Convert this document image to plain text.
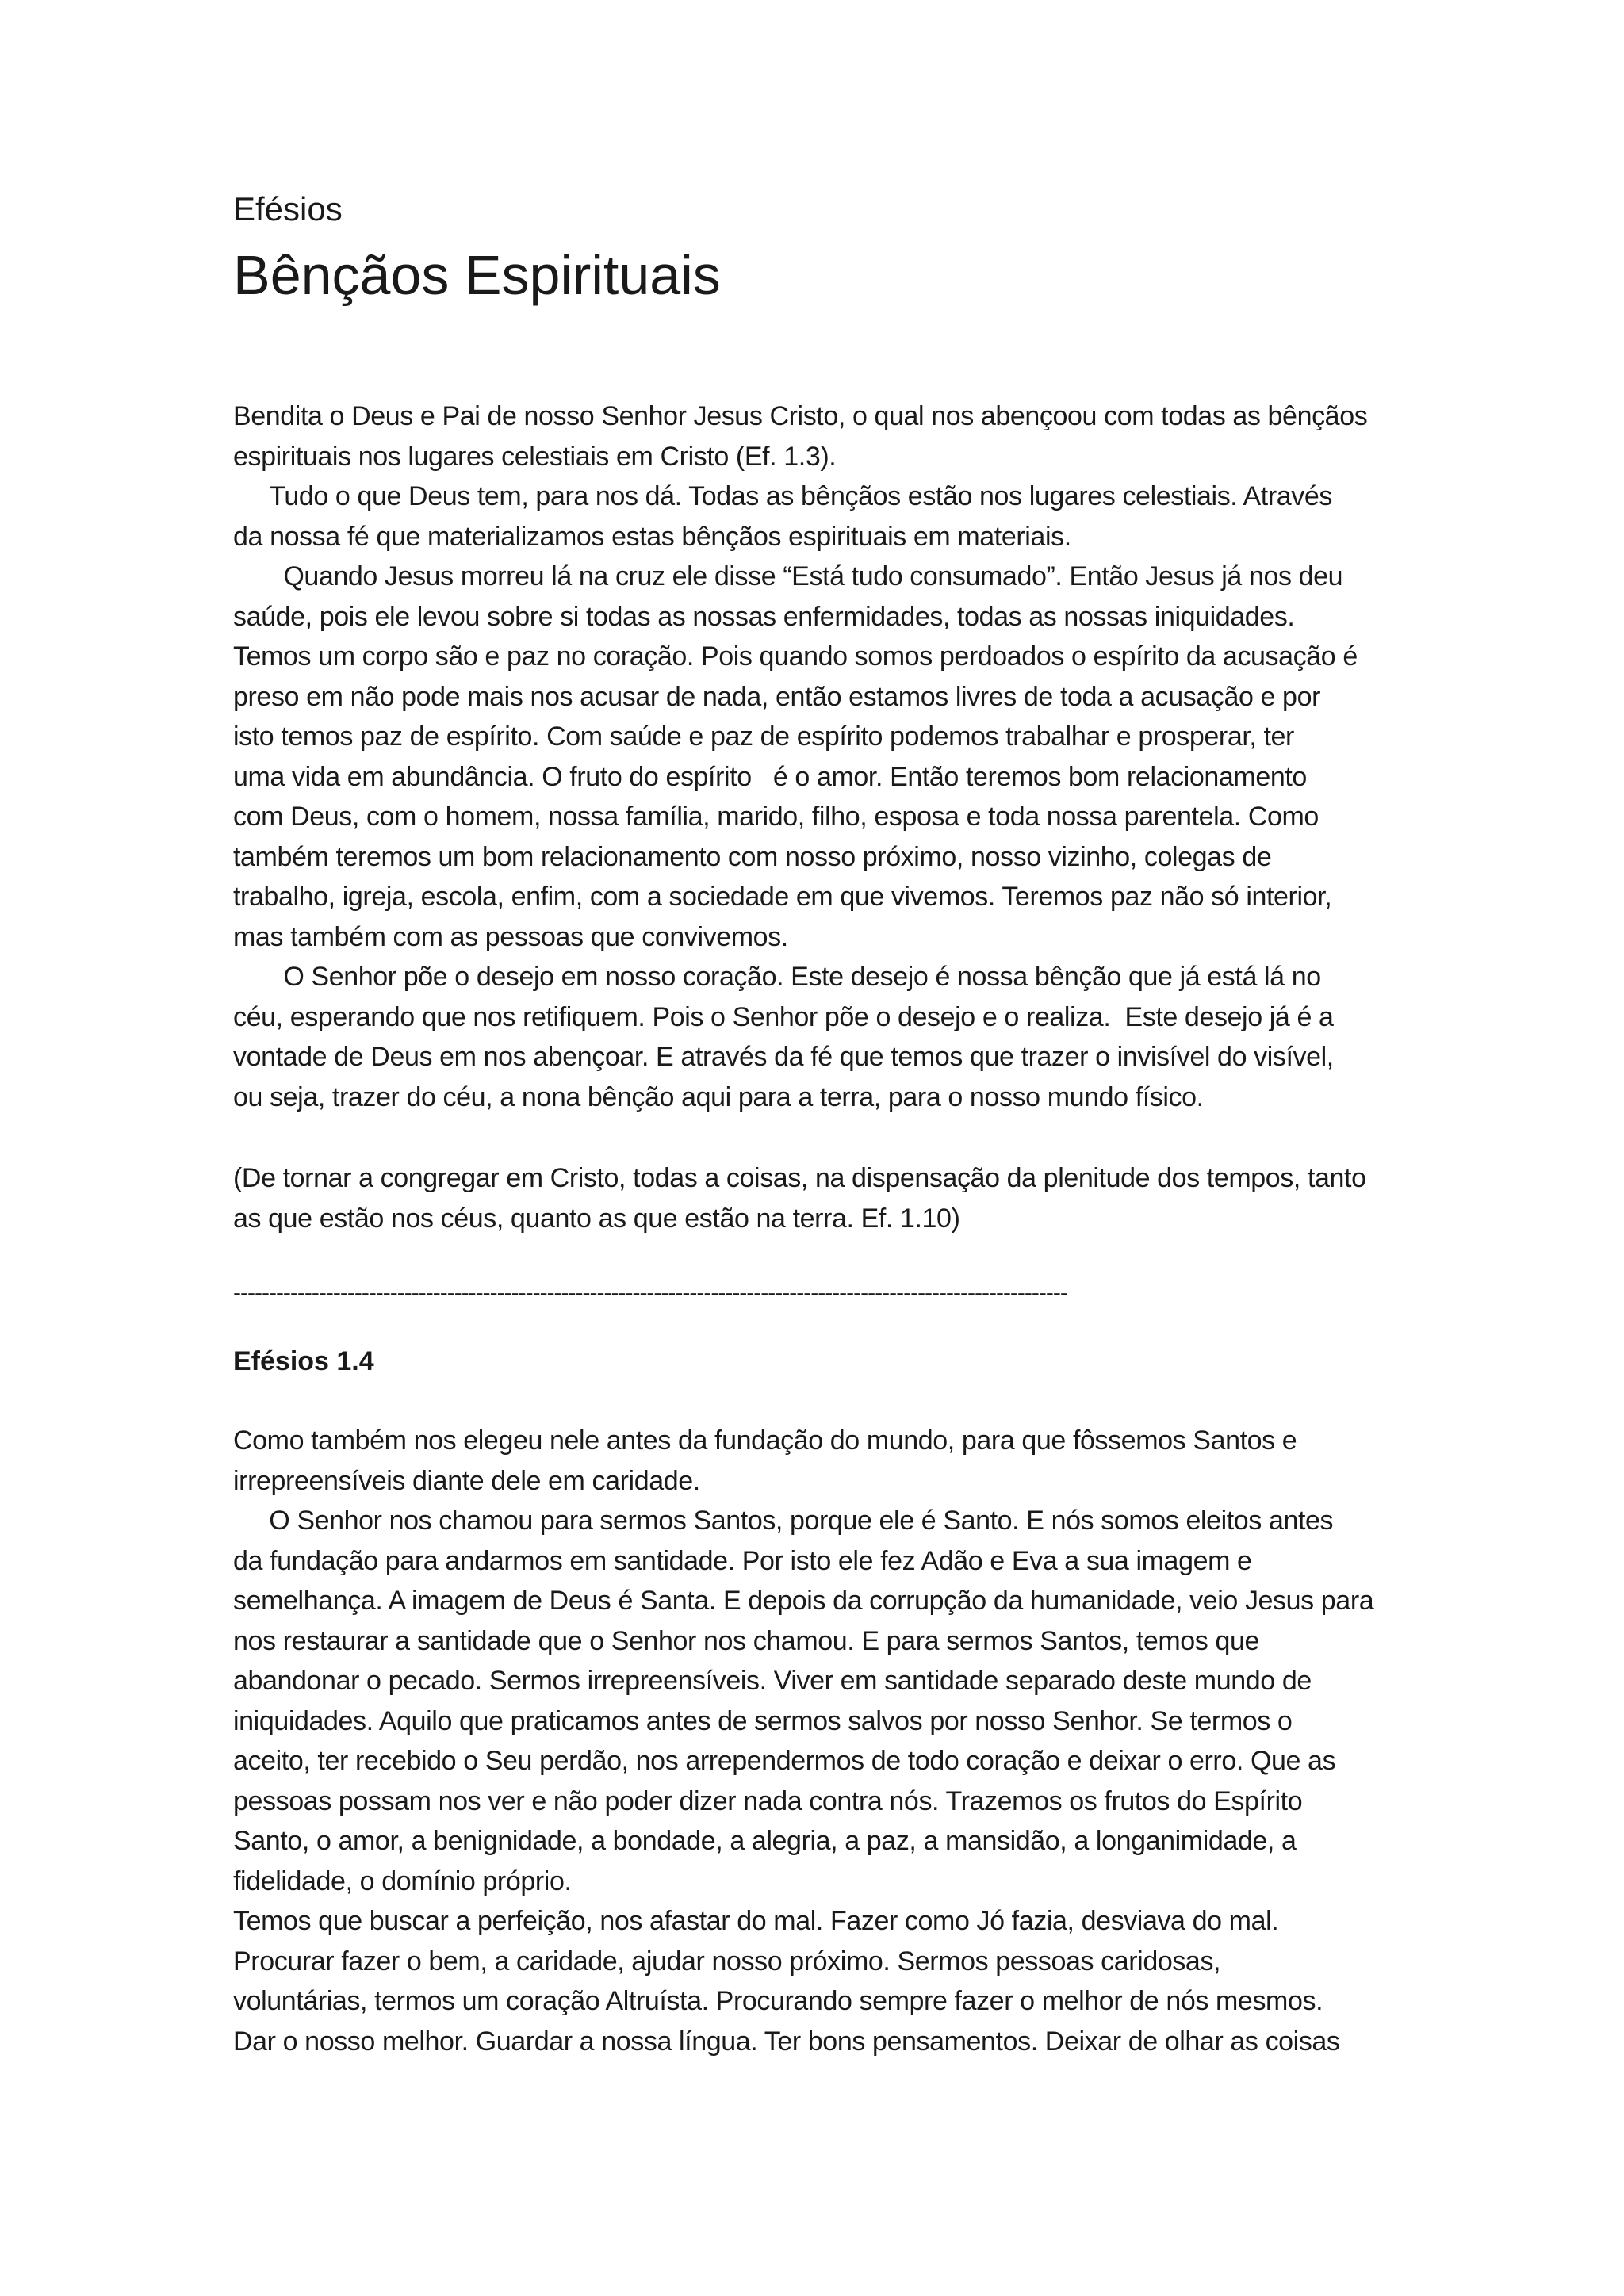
Efésios
Bênçãos Espirituais

Bendita o Deus e Pai de nosso Senhor Jesus Cristo, o qual nos abençoou com todas as bênçãos
espirituais nos lugares celestiais em Cristo (Ef. 1.3).
Tudo o que Deus tem, para nos dá. Todas as bênçãos estão nos lugares celestiais. Através
da nossa fé que materializamos estas bênçãos espirituais em materiais.
Quando Jesus morreu lá na cruz ele disse “Está tudo consumado”. Então Jesus já nos deu
saúde, pois ele levou sobre si todas as nossas enfermidades, todas as nossas iniquidades.
Temos um corpo são e paz no coração. Pois quando somos perdoados o espírito da acusação é
preso em não pode mais nos acusar de nada, então estamos livres de toda a acusação e por
isto temos paz de espírito. Com saúde e paz de espírito podemos trabalhar e prosperar, ter
uma vida em abundância. O fruto do espírito   é o amor. Então teremos bom relacionamento
com Deus, com o homem, nossa família, marido, filho, esposa e toda nossa parentela. Como
também teremos um bom relacionamento com nosso próximo, nosso vizinho, colegas de
trabalho, igreja, escola, enfim, com a sociedade em que vivemos. Teremos paz não só interior,
mas também com as pessoas que convivemos.
O Senhor põe o desejo em nosso coração. Este desejo é nossa bênção que já está lá no
céu, esperando que nos retifiquem. Pois o Senhor põe o desejo e o realiza.  Este desejo já é a
vontade de Deus em nos abençoar. E através da fé que temos que trazer o invisível do visível,
ou seja, trazer do céu, a nona bênção aqui para a terra, para o nosso mundo físico.

(De tornar a congregar em Cristo, todas a coisas, na dispensação da plenitude dos tempos, tanto
as que estão nos céus, quanto as que estão na terra. Ef. 1.10)

---------------------------------------------------------------------------------------------------------------------
Efésios 1.4

Como também nos elegeu nele antes da fundação do mundo, para que fôssemos Santos e
irrepreensíveis diante dele em caridade.
O Senhor nos chamou para sermos Santos, porque ele é Santo. E nós somos eleitos antes
da fundação para andarmos em santidade. Por isto ele fez Adão e Eva a sua imagem e
semelhança. A imagem de Deus é Santa. E depois da corrupção da humanidade, veio Jesus para
nos restaurar a santidade que o Senhor nos chamou. E para sermos Santos, temos que
abandonar o pecado. Sermos irrepreensíveis. Viver em santidade separado deste mundo de
iniquidades. Aquilo que praticamos antes de sermos salvos por nosso Senhor. Se termos o
aceito, ter recebido o Seu perdão, nos arrependermos de todo coração e deixar o erro. Que as
pessoas possam nos ver e não poder dizer nada contra nós. Trazemos os frutos do Espírito
Santo, o amor, a benignidade, a bondade, a alegria, a paz, a mansidão, a longanimidade, a
fidelidade, o domínio próprio.
Temos que buscar a perfeição, nos afastar do mal. Fazer como Jó fazia, desviava do mal.
Procurar fazer o bem, a caridade, ajudar nosso próximo. Sermos pessoas caridosas,
voluntárias, termos um coração Altruísta. Procurando sempre fazer o melhor de nós mesmos.
Dar o nosso melhor. Guardar a nossa língua. Ter bons pensamentos. Deixar de olhar as coisas
